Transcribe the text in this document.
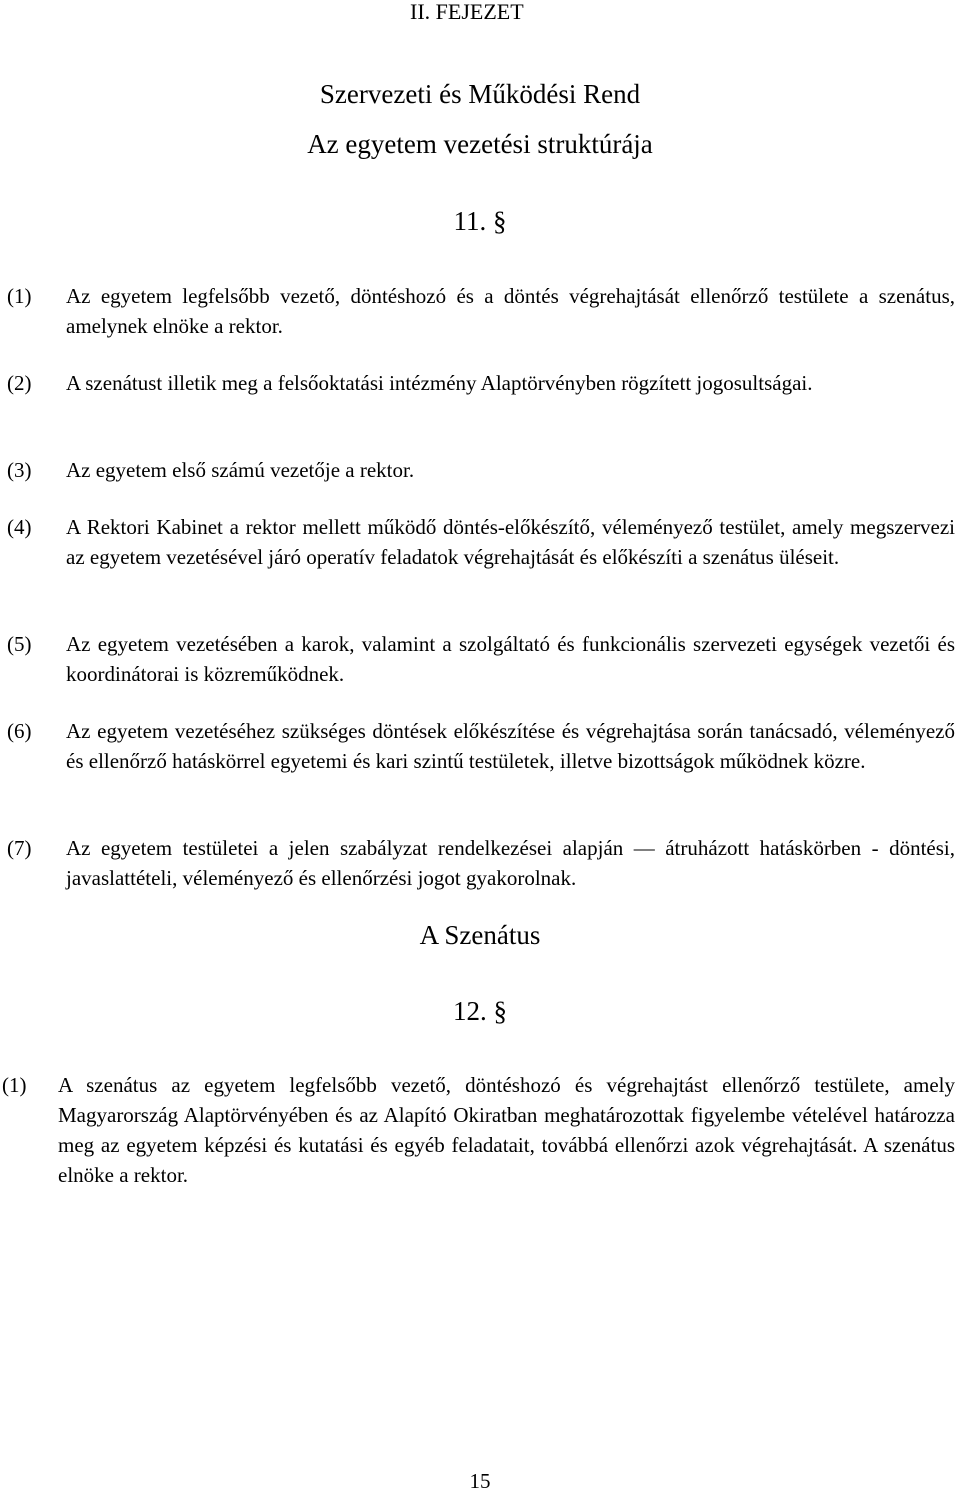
II. FEJEZET
Szervezeti és Működési Rend
Az egyetem vezetési struktúrája
11. §
(1) Az egyetem legfelsőbb vezető, döntéshozó és a döntés végrehajtását ellenőrző testülete a szenátus, amelynek elnöke a rektor.
(2) A szenátust illetik meg a felsőoktatási intézmény Alaptörvényben rögzített jogosultságai.
(3) Az egyetem első számú vezetője a rektor.
(4) A Rektori Kabinet a rektor mellett működő döntés-előkészítő, véleményező testület, amely megszervezi az egyetem vezetésével járó operatív feladatok végrehajtását és előkészíti a szenátus üléseit.
(5) Az egyetem vezetésében a karok, valamint a szolgáltató és funkcionális szervezeti egységek vezetői és koordinátorai is közreműködnek.
(6) Az egyetem vezetéséhez szükséges döntések előkészítése és végrehajtása során tanácsadó, véleményező és ellenőrző hatáskörrel egyetemi és kari szintű testületek, illetve bizottságok működnek közre.
(7) Az egyetem testületei a jelen szabályzat rendelkezései alapján — átruházott hatáskörben - döntési, javaslattételi, véleményező és ellenőrzési jogot gyakorolnak.
A Szenátus
12. §
(1) A szenátus az egyetem legfelsőbb vezető, döntéshozó és végrehajtást ellenőrző testülete, amely Magyarország Alaptörvényében és az Alapító Okiratban meghatározottak figyelembe vételével határozza meg az egyetem képzési és kutatási és egyéb feladatait, továbbá ellenőrzi azok végrehajtását. A szenátus elnöke a rektor.
15
